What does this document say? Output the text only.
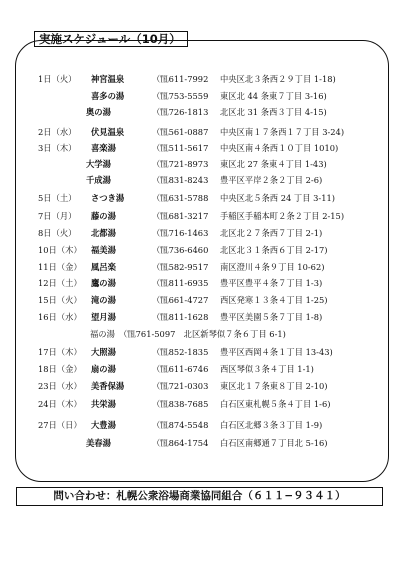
実施スケジュール（10月）
1日（火） 神宮温泉	（℡611-7992 中央区北３条西２９丁目 1-18)
喜多の湯	（℡753-5559 東区北 44 条東７丁目 3-16)
奥の湯	（℡726-1813 北区北 31 条西３丁目 4-15)
2日（水） 伏見温泉	（℡561-0887 中央区南１７条西１７丁目 3-24)
3日（木） 喜楽湯	（℡511-5617 中央区南４条西１０丁目 1010)
大学湯	（℡721-8973 東区北 27 条東４丁目 1-43)
千成湯	（℡831-8243 豊平区平岸２条２丁目 2-6)
5日（土） さつき湯	（℡631-5788 中央区北５条西 24 丁目 3-11)
7日（月） 藤の湯	（℡681-3217 手稲区手稲本町２条２丁目 2-15)
8日（火） 北都湯	（℡716-1463 北区北２７条西７丁目 2-1)
10日（木） 福美湯	（℡736-6460 北区北３１条西６丁目 2-17)
11日（金） 風呂楽	（℡582-9517 南区澄川４条９丁目 10-62)
12日（土） 鷹の湯	（℡811-6935 豊平区豊平４条７丁目 1-3)
15日（火） 滝の湯	（℡661-4727 西区発寒１３条４丁目 1-25)
16日（水） 望月湯	（℡811-1628 豊平区美園５条７丁目 1-8)
福の湯　（℡761-5097　北区新琴似７条６丁目 6-1)
17日（木） 大照湯	（℡852-1835 豊平区西岡４条１丁目 13-43)
18日（金） 扇の湯	（℡611-6746 西区琴似３条４丁目 1-1)
23日（水） 美香保湯	（℡721-0303 東区北１７条東８丁目 2-10)
24日（木） 共栄湯	（℡838-7685 白石区東札幌５条４丁目 1-6)
27日（日） 大豊湯	（℡874-5548 白石区北郷３条３丁目 1-9)
美春湯	（℡864-1754 白石区南郷通７丁目北 5-16)
問い合わせ：札幌公衆浴場商業協同組合（６１１−９３４１）
